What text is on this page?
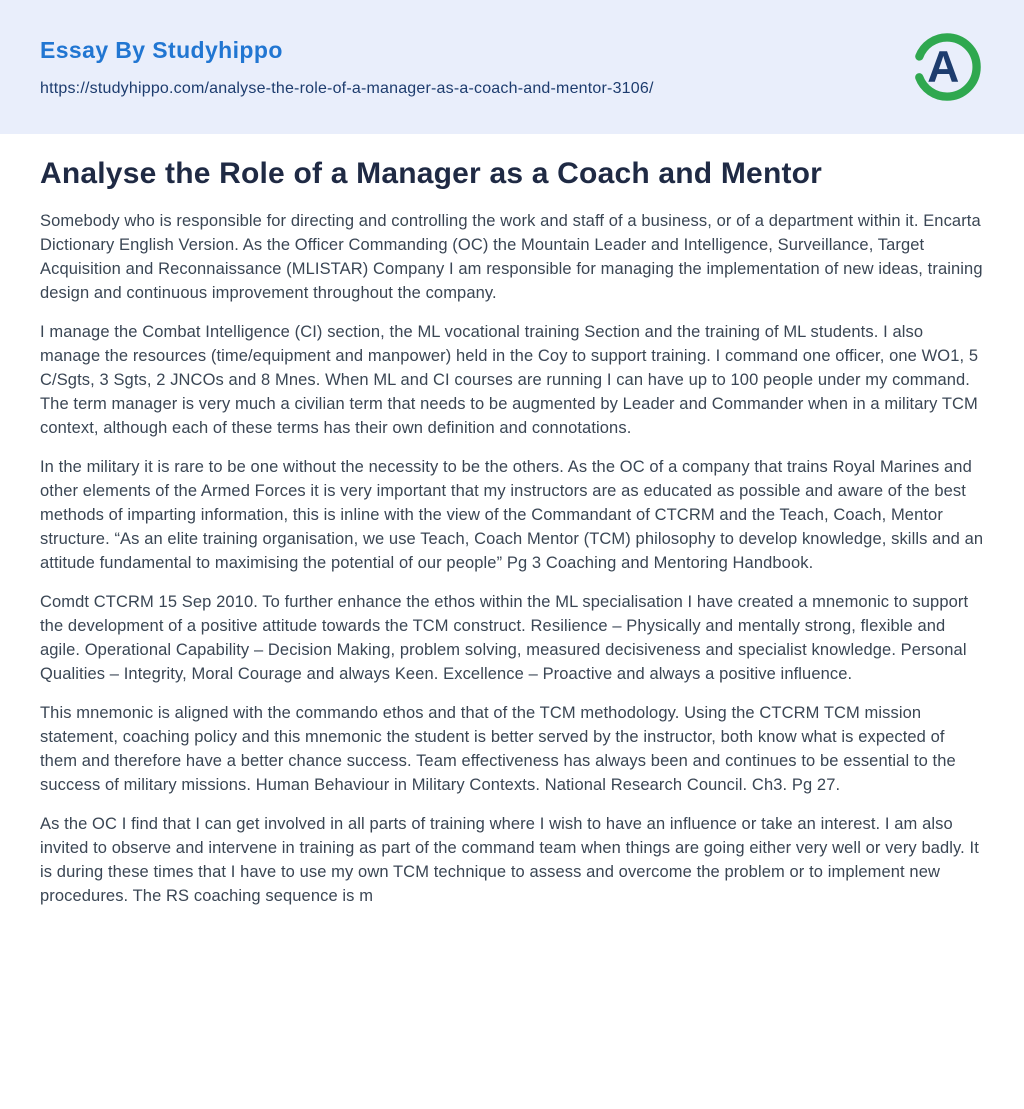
Essay By Studyhippo
https://studyhippo.com/analyse-the-role-of-a-manager-as-a-coach-and-mentor-3106/	A
Analyse the Role of a Manager as a Coach and Mentor

Somebody who is responsible for directing and controlling the work and staff of a business, or of a department within it. Encarta Dictionary English Version. As the Officer Commanding (OC) the Mountain Leader and Intelligence, Surveillance, Target Acquisition and Reconnaissance (MLISTAR) Company I am responsible for managing the implementation of new ideas, training design and continuous improvement throughout the company.

I manage the Combat Intelligence (CI) section, the ML vocational training Section and the training of ML students. I also manage the resources (time/equipment and manpower) held in the Coy to support training. I command one officer, one WO1, 5 C/Sgts, 3 Sgts, 2 JNCOs and 8 Mnes. When ML and CI courses are running I can have up to 100 people under my command. The term manager is very much a civilian term that needs to be augmented by Leader and Commander when in a military TCM context, although each of these terms has their own definition and connotations.

In the military it is rare to be one without the necessity to be the others. As the OC of a company that trains Royal Marines and other elements of the Armed Forces it is very important that my instructors are as educated as possible and aware of the best methods of imparting information, this is inline with the view of the Commandant of CTCRM and the Teach, Coach, Mentor structure. “As an elite training organisation, we use Teach, Coach Mentor (TCM) philosophy to develop knowledge, skills and an attitude fundamental to maximising the potential of our people” Pg 3 Coaching and Mentoring Handbook.

Comdt CTCRM 15 Sep 2010. To further enhance the ethos within the ML specialisation I have created a mnemonic to support the development of a positive attitude towards the TCM construct. Resilience – Physically and mentally strong, flexible and agile. Operational Capability – Decision Making, problem solving, measured decisiveness and specialist knowledge. Personal Qualities – Integrity, Moral Courage and always Keen. Excellence – Proactive and always a positive influence.

This mnemonic is aligned with the commando ethos and that of the TCM methodology. Using the CTCRM TCM mission statement, coaching policy and this mnemonic the student is better served by the instructor, both know what is expected of them and therefore have a better chance success. Team effectiveness has always been and continues to be essential to the success of military missions. Human Behaviour in Military Contexts. National Research Council. Ch3. Pg 27.

As the OC I find that I can get involved in all parts of training where I wish to have an influence or take an interest. I am also invited to observe and intervene in training as part of the command team when things are going either very well or very badly. It is during these times that I have to use my own TCM technique to assess and overcome the problem or to implement new procedures. The RS coaching sequence is m
